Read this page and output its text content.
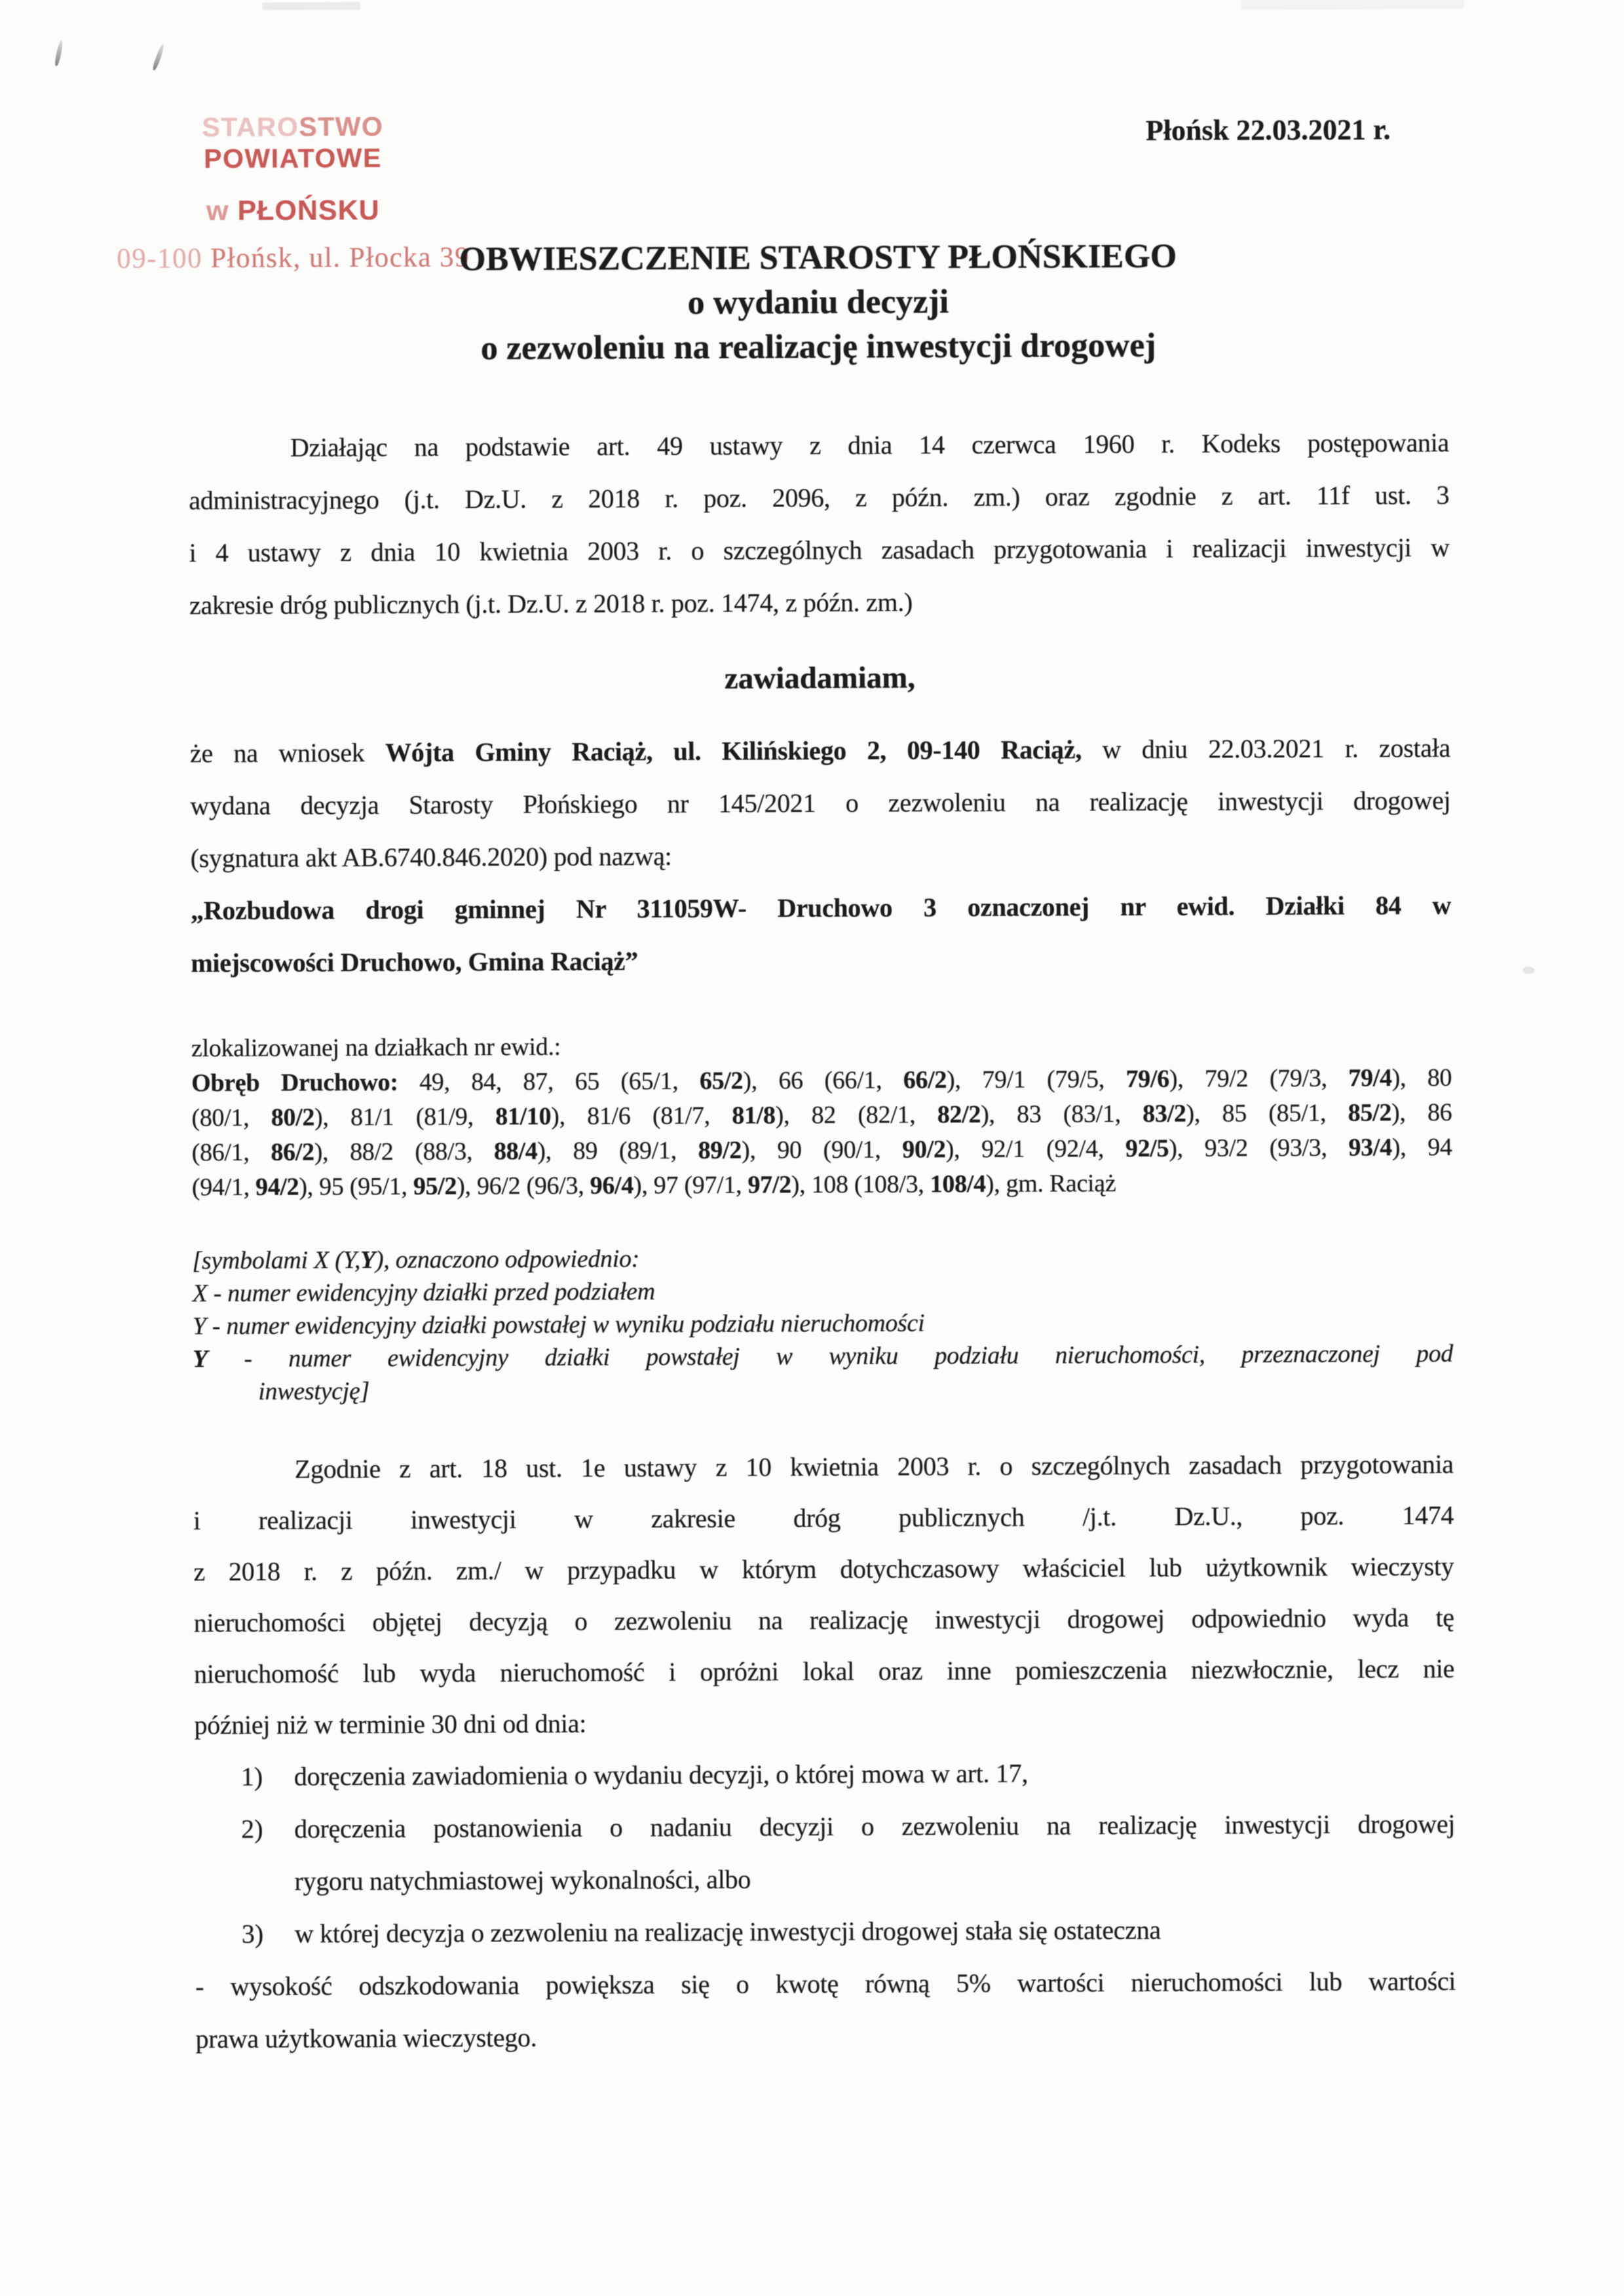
STAROSTWO POWIATOWE
w PŁOŃSKU
09-100 Płońsk, ul. Płocka 39
Płońsk 22.03.2021 r.
OBWIESZCZENIE STAROSTY PŁOŃSKIEGO
o wydaniu decyzji
o zezwoleniu na realizację inwestycji drogowej
Działając na podstawie art. 49 ustawy z dnia 14 czerwca 1960 r. Kodeks postępowania
administracyjnego (j.t. Dz.U. z 2018 r. poz. 2096, z późn. zm.) oraz zgodnie z art. 11f ust. 3
i 4 ustawy z dnia 10 kwietnia 2003 r. o szczególnych zasadach przygotowania i realizacji inwestycji w
zakresie dróg publicznych (j.t. Dz.U. z 2018 r. poz. 1474, z późn. zm.)
zawiadamiam,
że na wniosek Wójta Gminy Raciąż, ul. Kilińskiego 2, 09-140 Raciąż, w dniu 22.03.2021 r. została
wydana decyzja Starosty Płońskiego nr 145/2021 o zezwoleniu na realizację inwestycji drogowej
(sygnatura akt AB.6740.846.2020) pod nazwą:
„Rozbudowa drogi gminnej Nr 311059W- Druchowo 3 oznaczonej nr ewid. Działki 84 w
miejscowości Druchowo, Gmina Raciąż”
zlokalizowanej na działkach nr ewid.:
Obręb Druchowo: 49, 84, 87, 65 (65/1, 65/2), 66 (66/1, 66/2), 79/1 (79/5, 79/6), 79/2 (79/3, 79/4), 80
(80/1, 80/2), 81/1 (81/9, 81/10), 81/6 (81/7, 81/8), 82 (82/1, 82/2), 83 (83/1, 83/2), 85 (85/1, 85/2), 86
(86/1, 86/2), 88/2 (88/3, 88/4), 89 (89/1, 89/2), 90 (90/1, 90/2), 92/1 (92/4, 92/5), 93/2 (93/3, 93/4), 94
(94/1, 94/2), 95 (95/1, 95/2), 96/2 (96/3, 96/4), 97 (97/1, 97/2), 108 (108/3, 108/4), gm. Raciąż
[symbolami X (Y,Y), oznaczono odpowiednio:
X - numer ewidencyjny działki przed podziałem
Y - numer ewidencyjny działki powstałej w wyniku podziału nieruchomości
Y - numer ewidencyjny działki powstałej w wyniku podziału nieruchomości, przeznaczonej pod
inwestycję]
Zgodnie z art. 18 ust. 1e ustawy z 10 kwietnia 2003 r. o szczególnych zasadach przygotowania
i realizacji inwestycji w zakresie dróg publicznych /j.t. Dz.U., poz. 1474
z 2018 r. z późn. zm./ w przypadku w którym dotychczasowy właściciel lub użytkownik wieczysty
nieruchomości objętej decyzją o zezwoleniu na realizację inwestycji drogowej odpowiednio wyda tę
nieruchomość lub wyda nieruchomość i opróżni lokal oraz inne pomieszczenia niezwłocznie, lecz nie
później niż w terminie 30 dni od dnia:
1)	doręczenia zawiadomienia o wydaniu decyzji, o której mowa w art. 17,
2)	doręczenia postanowienia o nadaniu decyzji o zezwoleniu na realizację inwestycji drogowej
rygoru natychmiastowej wykonalności, albo
3)	w której decyzja o zezwoleniu na realizację inwestycji drogowej stała się ostateczna
- wysokość odszkodowania powiększa się o kwotę równą 5% wartości nieruchomości lub wartości
prawa użytkowania wieczystego.
